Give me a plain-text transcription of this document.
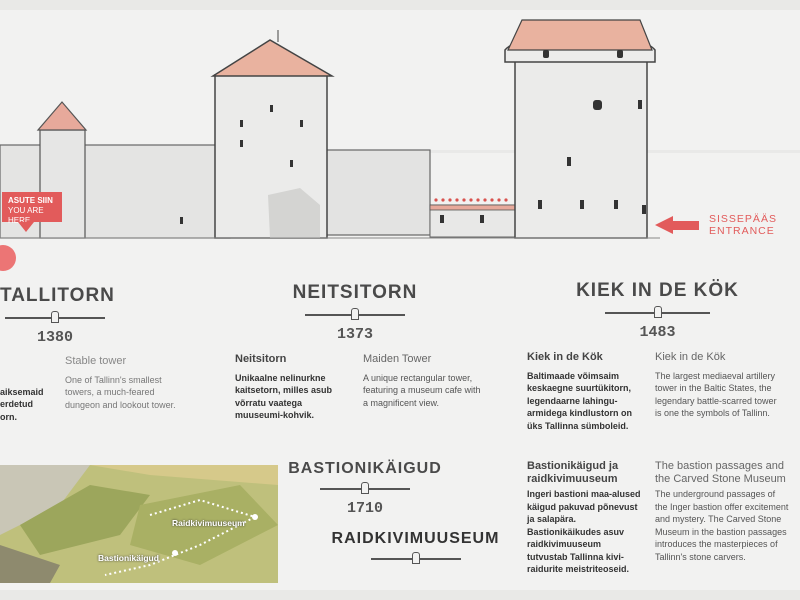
ASUTE SIIN
YOU ARE HERE	SISSEPÄÄS
ENTRANCE
TALLITORN
1380
NEITSITORN
1373
KIEK IN DE KÖK
1483

aiksemaid
erdetud
orn.

Stable tower
One of Tallinn's smallest towers, a much-feared dungeon and lookout tower.
Neitsitorn
Unikaalne nelinurkne kaitsetorn, milles asub võrratu vaatega muuseumi-kohvik.
Maiden Tower
A unique rectangular tower, featuring a museum cafe with a magnificent view.
Kiek in de Kök
Baltimaade võimsaim keskaegne suurtükitorn, legendaarne lahingu-armidega kindlustorn on üks Tallinna sümboleid.
Kiek in de Kök
The largest mediaeval artillery tower in the Baltic States, the legendary battle-scarred tower is one the symbols of Tallinn.
Raidkivimuuseum
Bastionikäigud
BASTIONIKÄIGUD
1710
RAIDKIVIMUUSEUM
Bastionikäigud ja raidkivimuuseum
Ingeri bastioni maa-alused käigud pakuvad põnevust ja salapära. Bastionikäikudes asuv raidkivimuuseum tutvustab Tallinna kivi-raidurite meistriteoseid.
The bastion passages and the Carved Stone Museum
The underground passages of the Inger bastion offer excitement and mystery. The Carved Stone Museum in the bastion passages introduces the masterpieces of Tallinn's stone carvers.
